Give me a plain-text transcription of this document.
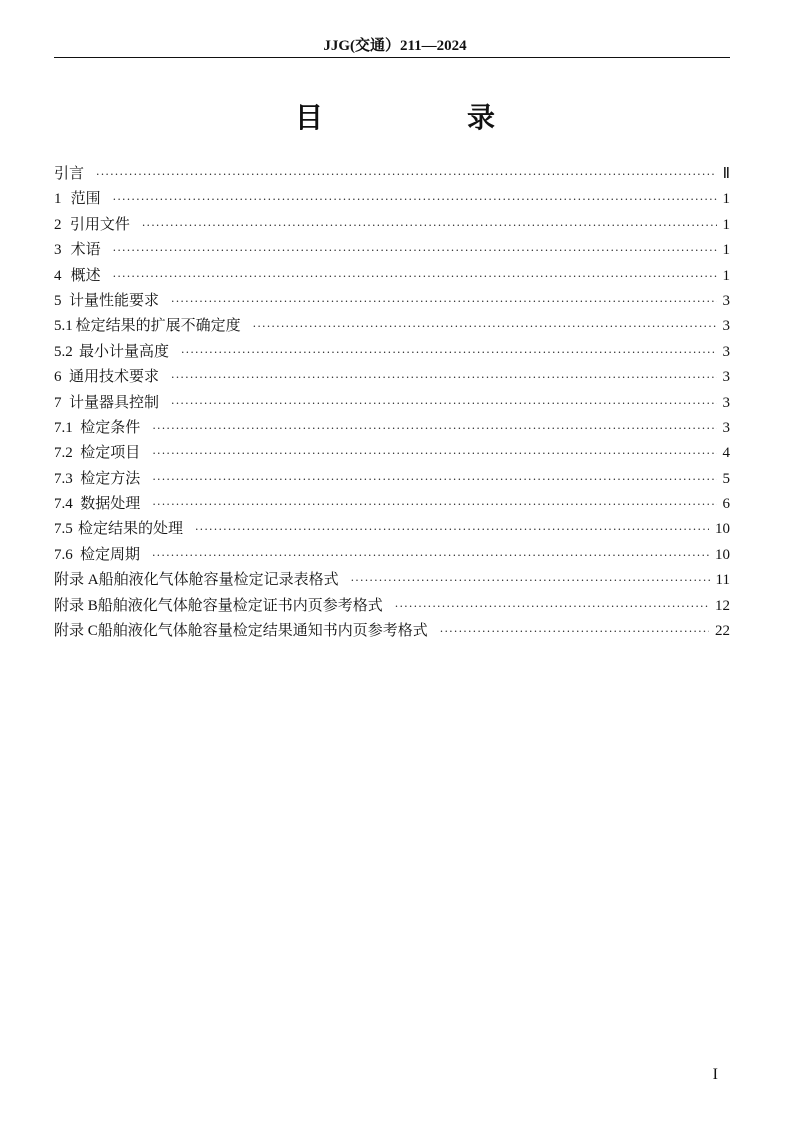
JJG(交通）211—2024
目　录
引言 ·····	Ⅱ
1 范围 ·····	1
2 引用文件 ·····	1
3 术语 ·····	1
4 概述 ·····	1
5 计量性能要求 ·····	3
5.1 检定结果的扩展不确定度 ·····	3
5.2 最小计量高度 ·····	3
6 通用技术要求 ·····	3
7 计量器具控制 ·····	3
7.1 检定条件 ·····	3
7.2 检定项目 ·····	4
7.3 检定方法 ·····	5
7.4 数据处理 ·····	6
7.5 检定结果的处理 ·····	10
7.6 检定周期 ·····	10
附录 A 船舶液化气体舱容量检定记录表格式 ·····	11
附录 B 船舶液化气体舱容量检定证书内页参考格式 ·····	12
附录 C 船舶液化气体舱容量检定结果通知书内页参考格式 ·····	22
I
